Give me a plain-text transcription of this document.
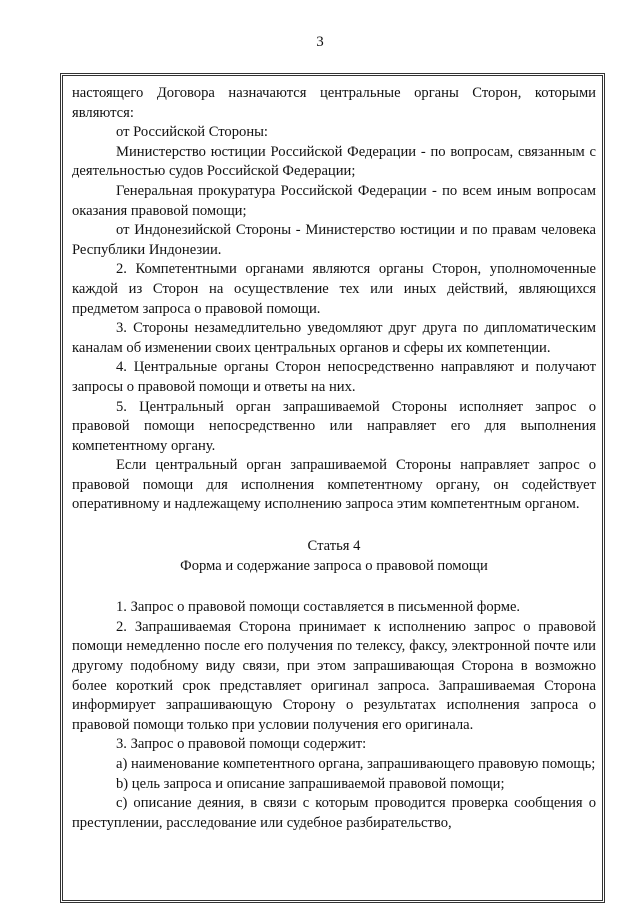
3

настоящего Договора назначаются центральные органы Сторон, которыми являются:

от Российской Стороны:

Министерство юстиции Российской Федерации - по вопросам, связанным с деятельностью судов Российской Федерации;

Генеральная прокуратура Российской Федерации - по всем иным вопросам оказания правовой помощи;

от Индонезийской Стороны - Министерство юстиции и по правам человека Республики Индонезии.

2. Компетентными органами являются органы Сторон, уполномоченные каждой из Сторон на осуществление тех или иных действий, являющихся предметом запроса о правовой помощи.

3. Стороны незамедлительно уведомляют друг друга по дипломатическим каналам об изменении своих центральных органов и сферы их компетенции.

4. Центральные органы Сторон непосредственно направляют и получают запросы о правовой помощи и ответы на них.

5. Центральный орган запрашиваемой Стороны исполняет запрос о правовой помощи непосредственно или направляет его для выполнения компетентному органу.

Если центральный орган запрашиваемой Стороны направляет запрос о правовой помощи для исполнения компетентному органу, он содействует оперативному и надлежащему исполнению запроса этим компетентным органом.

Статья 4

Форма и содержание запроса о правовой помощи

1. Запрос о правовой помощи составляется в письменной форме.

2. Запрашиваемая Сторона принимает к исполнению запрос о правовой помощи немедленно после его получения по телексу, факсу, электронной почте или другому подобному виду связи, при этом запрашивающая Сторона в возможно более короткий срок представляет оригинал запроса. Запрашиваемая Сторона информирует запрашивающую Сторону о результатах исполнения запроса о правовой помощи только при условии получения его оригинала.

3. Запрос о правовой помощи содержит:

a) наименование компетентного органа, запрашивающего правовую помощь;

b) цель запроса и описание запрашиваемой правовой помощи;

c) описание деяния, в связи с которым проводится проверка сообщения о преступлении, расследование или судебное разбирательство,
